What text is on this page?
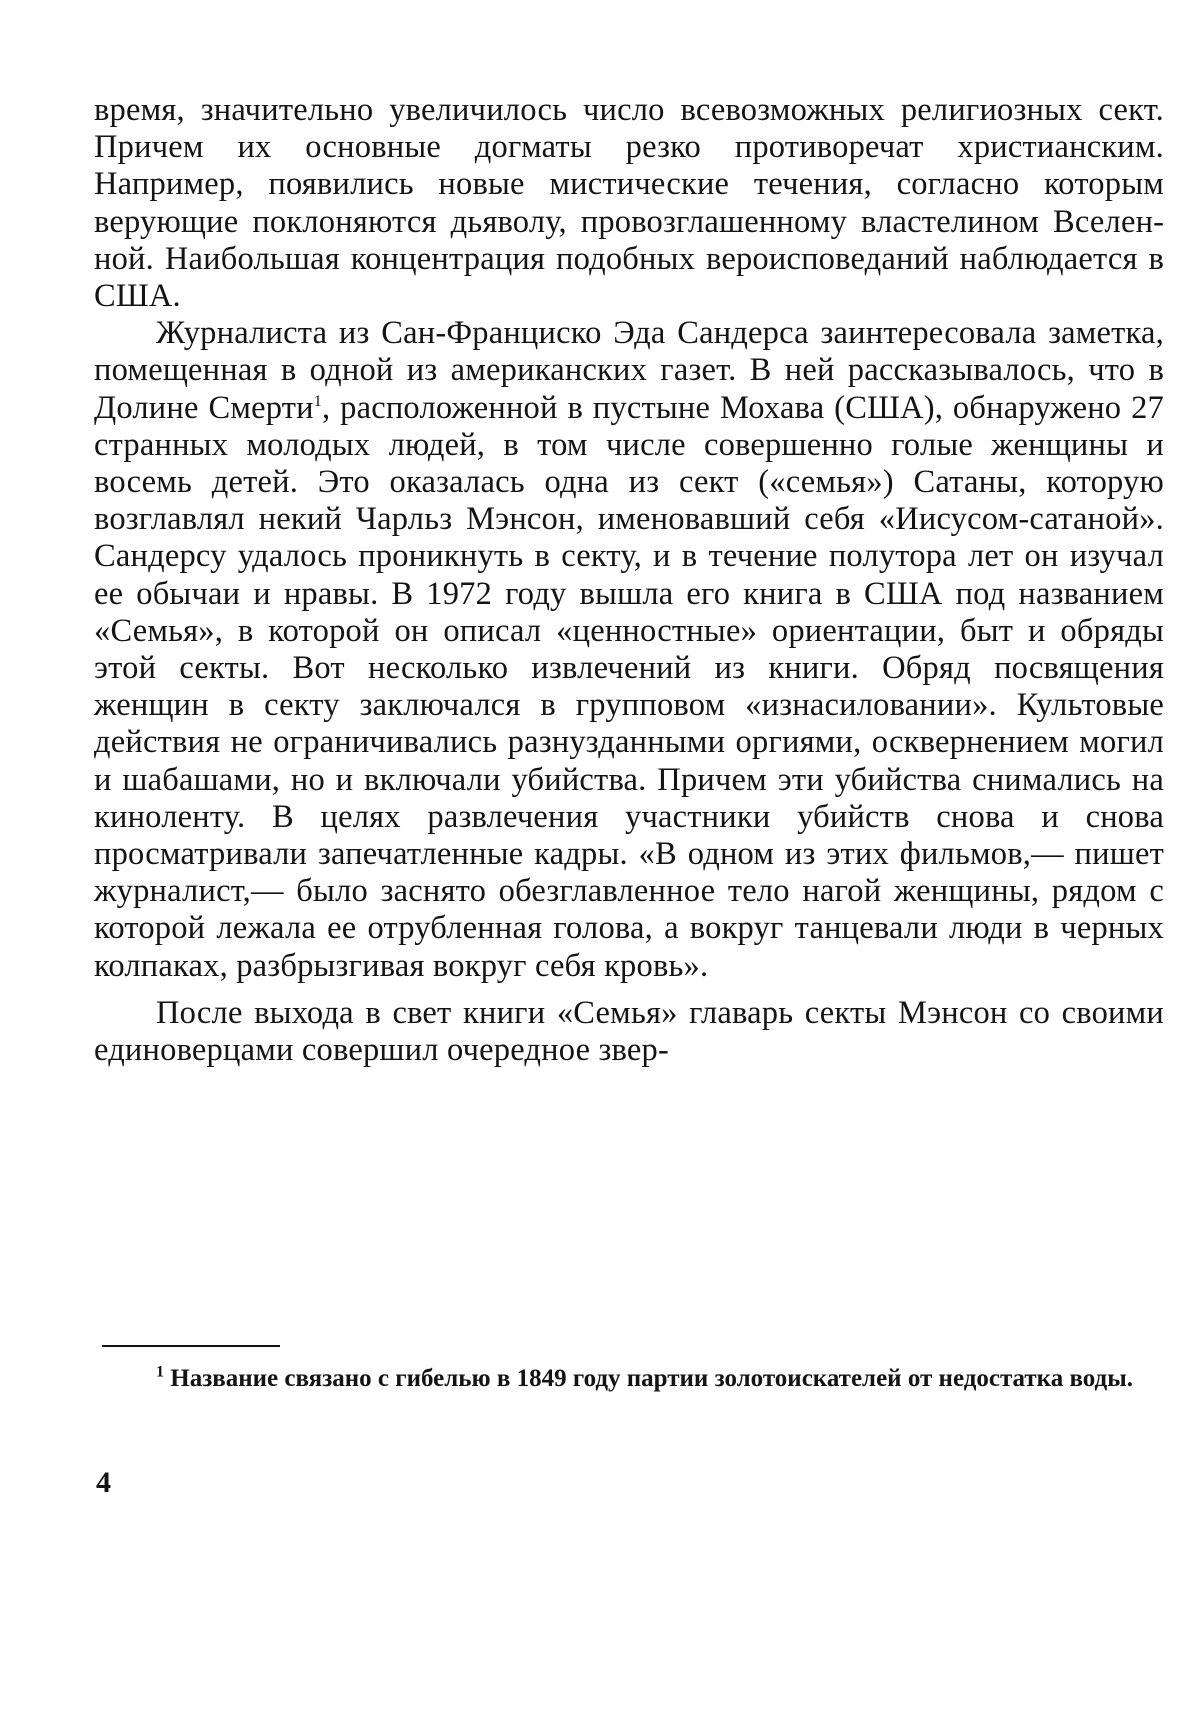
время, значительно увеличилось число всевозможных религиозных сект. Причем их основные догматы резко противоречат христианским. Например, появились новые мистические течения, согласно которым верующие поклоняются дьяволу, провозглашенному властелином Вселенной. Наибольшая концентрация подобных вероисповеданий наблюдается в США.

Журналиста из Сан-Франциско Эда Сандерса заинтересовала заметка, помещенная в одной из американских газет. В ней рассказывалось, что в Долине Смерти$^1$, расположенной в пустыне Мохава (США), обнаружено 27 странных молодых людей, в том числе совершенно голые женщины и восемь детей. Это оказалась одна из сект («семья») Сатаны, которую возглавлял некий Чарльз Мэнсон, именовавший себя «Иисусом-сатаной». Сандерсу удалось проникнуть в секту, и в течение полутора лет он изучал ее обычаи и нравы. В 1972 году вышла его книга в США под названием «Семья», в которой он описал «ценностные» ориентации, быт и обряды этой секты. Вот несколько извлечений из книги. Обряд посвящения женщин в секту заключался в групповом «изнасиловании». Культовые действия не ограничивались разнузданными оргиями, осквернeнием могил и шабашами, но и включали убийства. Причем эти убийства снимались на киноленту. В целях развлечения участники убийств снова и снова просматривали запечатленные кадры. «В одном из этих фильмов,— пишет журналист,— было заснято обезглавленное тело нагой женщины, рядом с которой лежала ее отрубленная голова, а вокруг танцевали люди в черных колпаках, разбрызгивая вокруг себя кровь».

После выхода в свет книги «Семья» главарь секты Мэнсон со своими единоверцами совершил очередное звер-

$^1$ Название связано с гибелью в 1849 году партии золотоискателей от недостатка воды.

4
